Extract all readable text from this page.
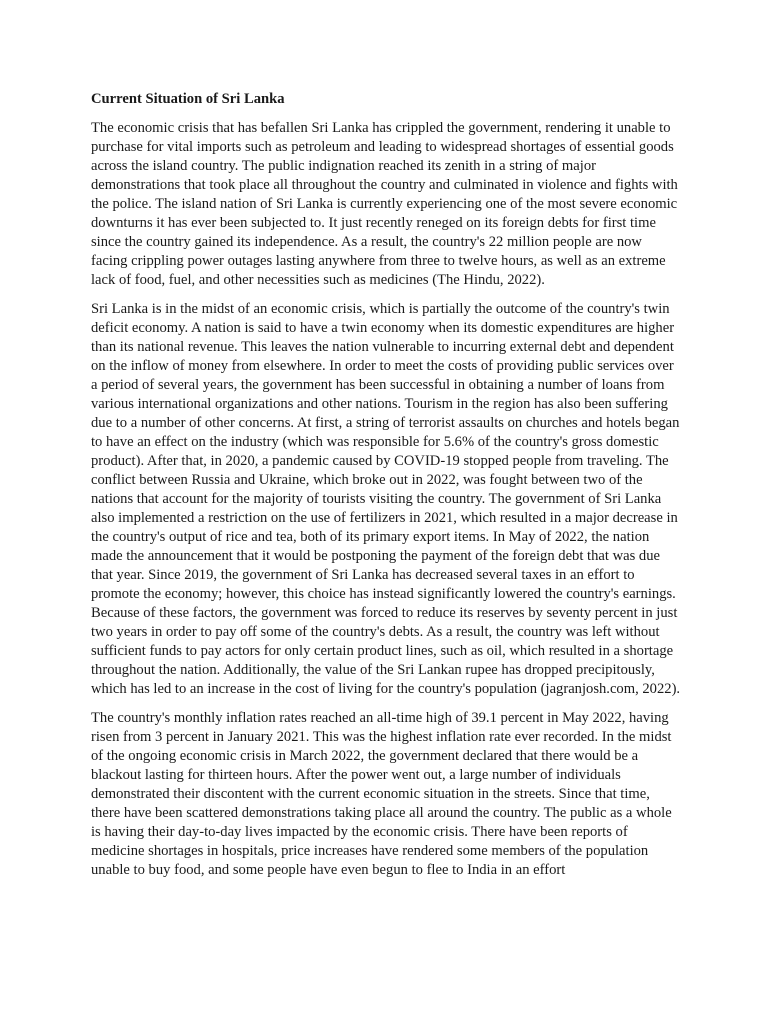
Current Situation of Sri Lanka

The economic crisis that has befallen Sri Lanka has crippled the government, rendering it unable to purchase for vital imports such as petroleum and leading to widespread shortages of essential goods across the island country. The public indignation reached its zenith in a string of major demonstrations that took place all throughout the country and culminated in violence and fights with the police. The island nation of Sri Lanka is currently experiencing one of the most severe economic downturns it has ever been subjected to. It just recently reneged on its foreign debts for first time since the country gained its independence. As a result, the country's 22 million people are now facing crippling power outages lasting anywhere from three to twelve hours, as well as an extreme lack of food, fuel, and other necessities such as medicines (The Hindu, 2022).

Sri Lanka is in the midst of an economic crisis, which is partially the outcome of the country's twin deficit economy. A nation is said to have a twin economy when its domestic expenditures are higher than its national revenue. This leaves the nation vulnerable to incurring external debt and dependent on the inflow of money from elsewhere. In order to meet the costs of providing public services over a period of several years, the government has been successful in obtaining a number of loans from various international organizations and other nations. Tourism in the region has also been suffering due to a number of other concerns. At first, a string of terrorist assaults on churches and hotels began to have an effect on the industry (which was responsible for 5.6% of the country's gross domestic product). After that, in 2020, a pandemic caused by COVID-19 stopped people from traveling. The conflict between Russia and Ukraine, which broke out in 2022, was fought between two of the nations that account for the majority of tourists visiting the country. The government of Sri Lanka also implemented a restriction on the use of fertilizers in 2021, which resulted in a major decrease in the country's output of rice and tea, both of its primary export items. In May of 2022, the nation made the announcement that it would be postponing the payment of the foreign debt that was due that year. Since 2019, the government of Sri Lanka has decreased several taxes in an effort to promote the economy; however, this choice has instead significantly lowered the country's earnings. Because of these factors, the government was forced to reduce its reserves by seventy percent in just two years in order to pay off some of the country's debts. As a result, the country was left without sufficient funds to pay actors for only certain product lines, such as oil, which resulted in a shortage throughout the nation. Additionally, the value of the Sri Lankan rupee has dropped precipitously, which has led to an increase in the cost of living for the country's population (jagranjosh.com, 2022).

The country's monthly inflation rates reached an all-time high of 39.1 percent in May 2022, having risen from 3 percent in January 2021. This was the highest inflation rate ever recorded. In the midst of the ongoing economic crisis in March 2022, the government declared that there would be a blackout lasting for thirteen hours. After the power went out, a large number of individuals demonstrated their discontent with the current economic situation in the streets. Since that time, there have been scattered demonstrations taking place all around the country. The public as a whole is having their day-to-day lives impacted by the economic crisis. There have been reports of medicine shortages in hospitals, price increases have rendered some members of the population unable to buy food, and some people have even begun to flee to India in an effort
